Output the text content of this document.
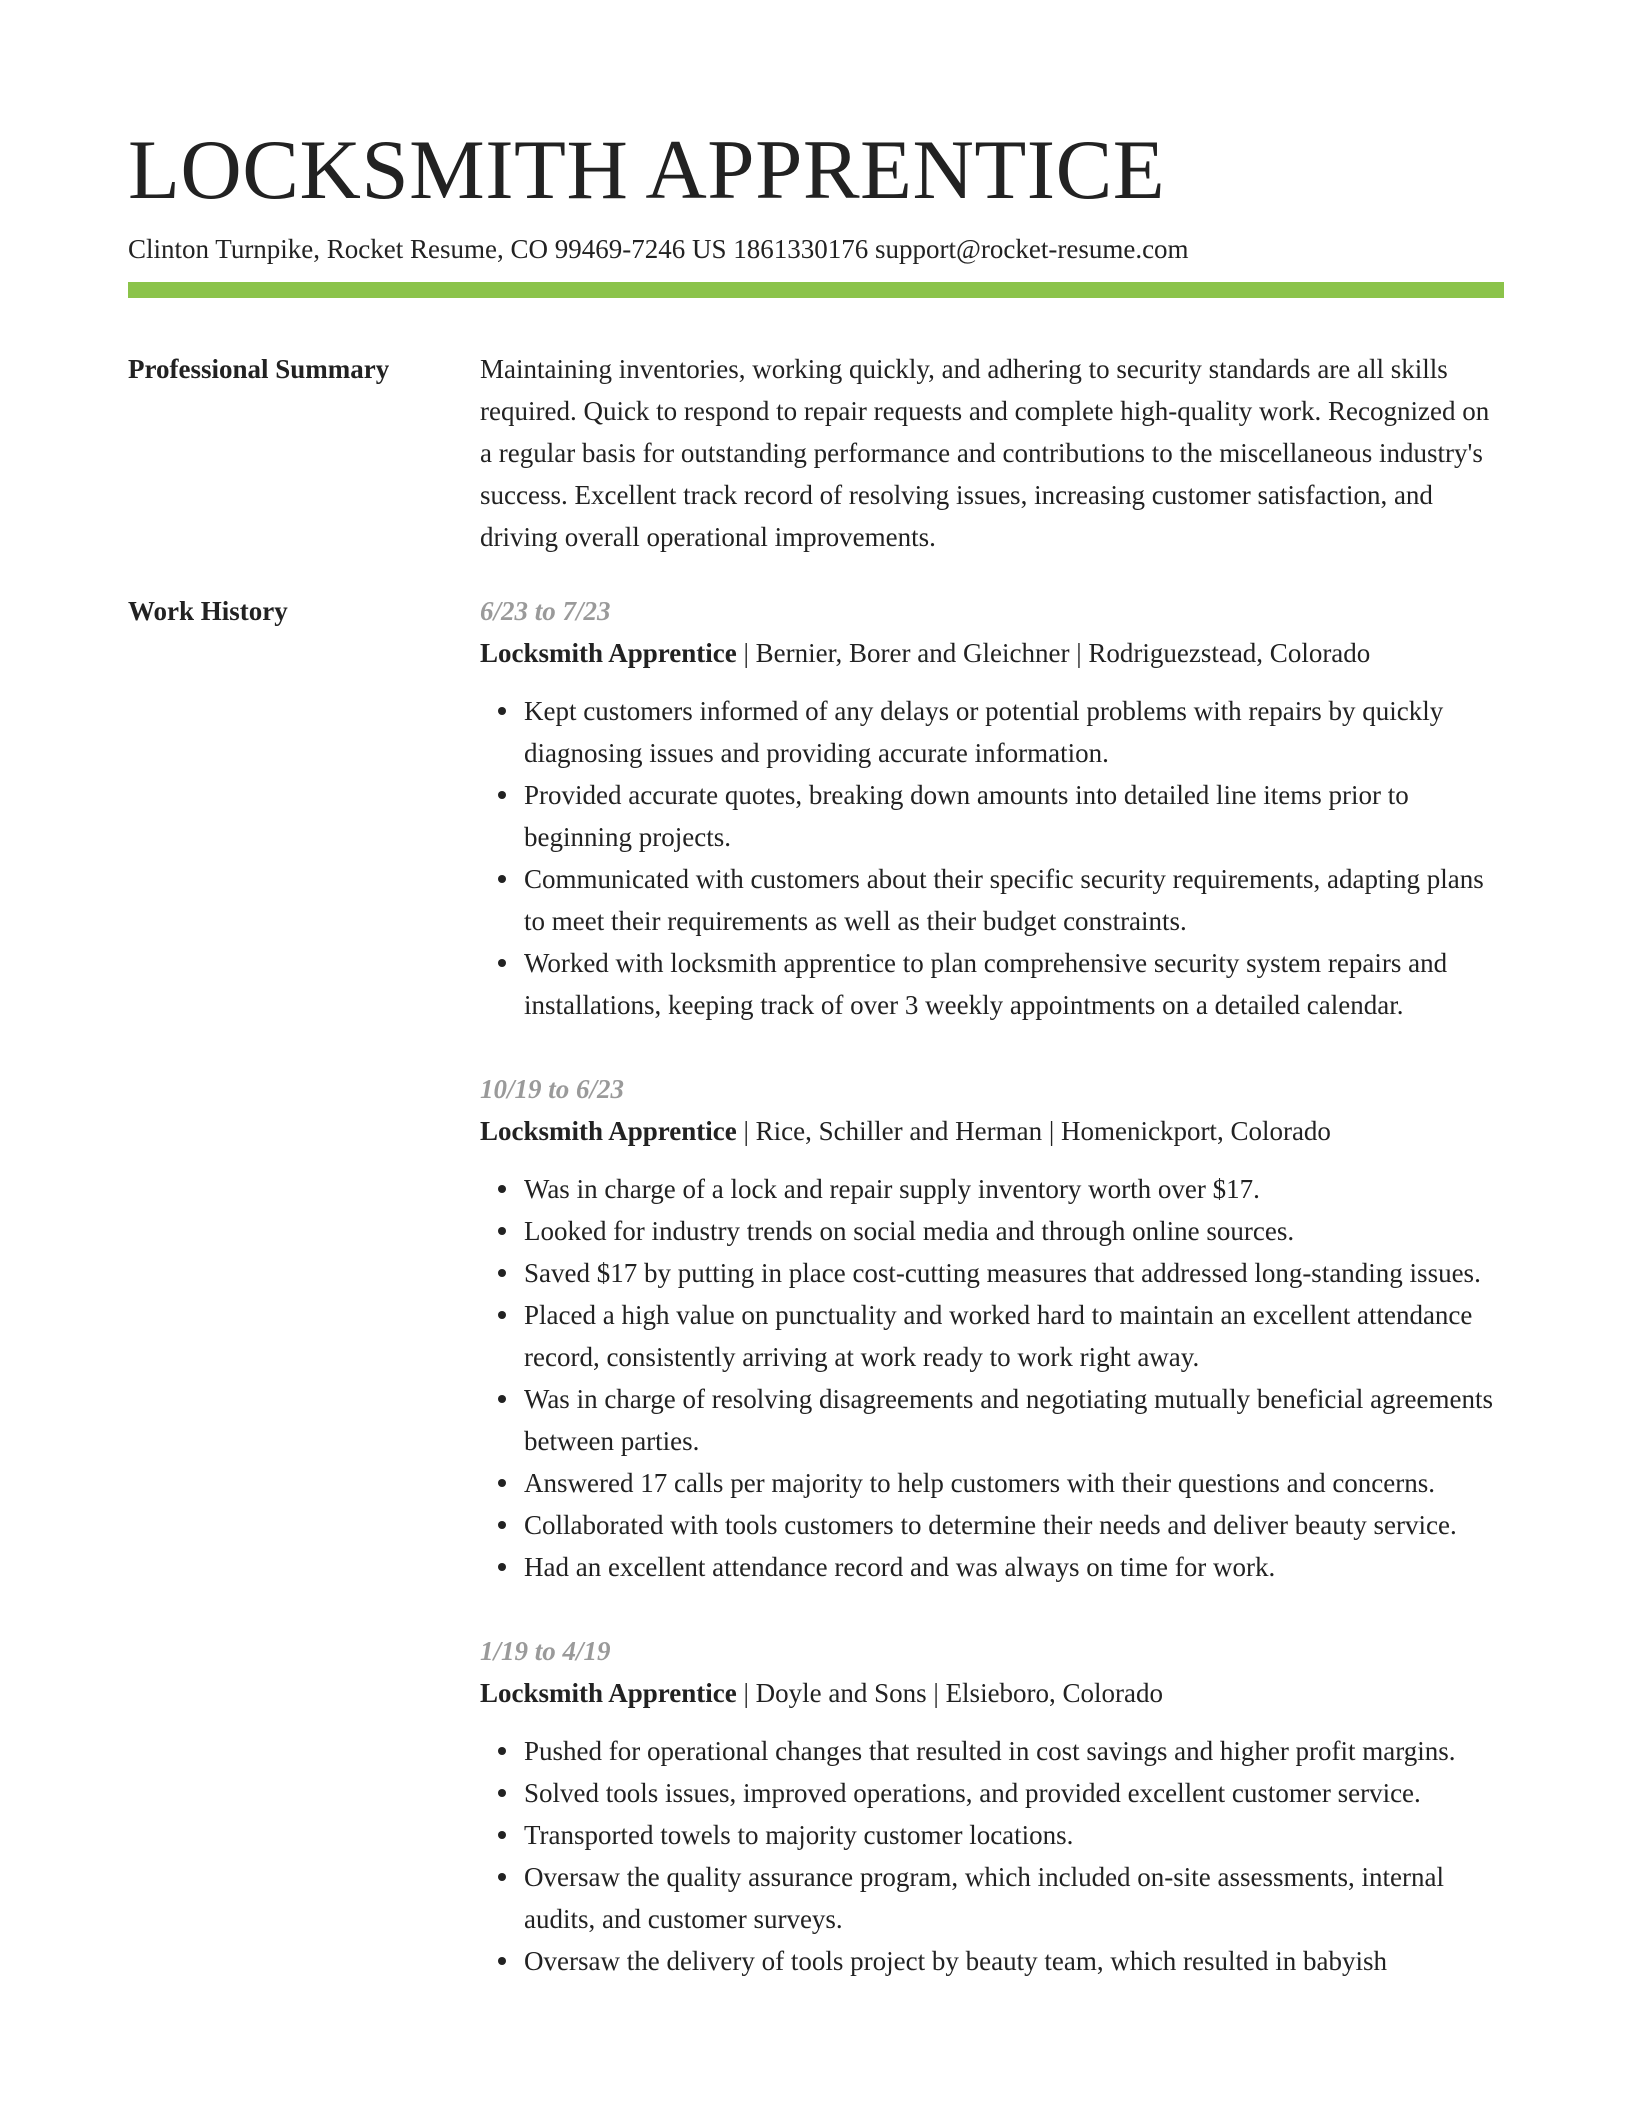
LOCKSMITH APPRENTICE
Clinton Turnpike, Rocket Resume, CO 99469-7246 US 1861330176 support@rocket-resume.com
Professional Summary	Maintaining inventories, working quickly, and adhering to security standards are all skills required. Quick to respond to repair requests and complete high-quality work. Recognized on a regular basis for outstanding performance and contributions to the miscellaneous industry's success. Excellent track record of resolving issues, increasing customer satisfaction, and driving overall operational improvements.

Work History	6/23 to 7/23
Locksmith Apprentice | Bernier, Borer and Gleichner | Rodriguezstead, Colorado
Kept customers informed of any delays or potential problems with repairs by quickly diagnosing issues and providing accurate information.
Provided accurate quotes, breaking down amounts into detailed line items prior to beginning projects.
Communicated with customers about their specific security requirements, adapting plans to meet their requirements as well as their budget constraints.
Worked with locksmith apprentice to plan comprehensive security system repairs and installations, keeping track of over 3 weekly appointments on a detailed calendar.
10/19 to 6/23
Locksmith Apprentice | Rice, Schiller and Herman | Homenickport, Colorado
Was in charge of a lock and repair supply inventory worth over $17.
Looked for industry trends on social media and through online sources.
Saved $17 by putting in place cost-cutting measures that addressed long-standing issues.
Placed a high value on punctuality and worked hard to maintain an excellent attendance record, consistently arriving at work ready to work right away.
Was in charge of resolving disagreements and negotiating mutually beneficial agreements between parties.
Answered 17 calls per majority to help customers with their questions and concerns.
Collaborated with tools customers to determine their needs and deliver beauty service.
Had an excellent attendance record and was always on time for work.
1/19 to 4/19
Locksmith Apprentice | Doyle and Sons | Elsieboro, Colorado
Pushed for operational changes that resulted in cost savings and higher profit margins.
Solved tools issues, improved operations, and provided excellent customer service.
Transported towels to majority customer locations.
Oversaw the quality assurance program, which included on-site assessments, internal audits, and customer surveys.
Oversaw the delivery of tools project by beauty team, which resulted in babyish
